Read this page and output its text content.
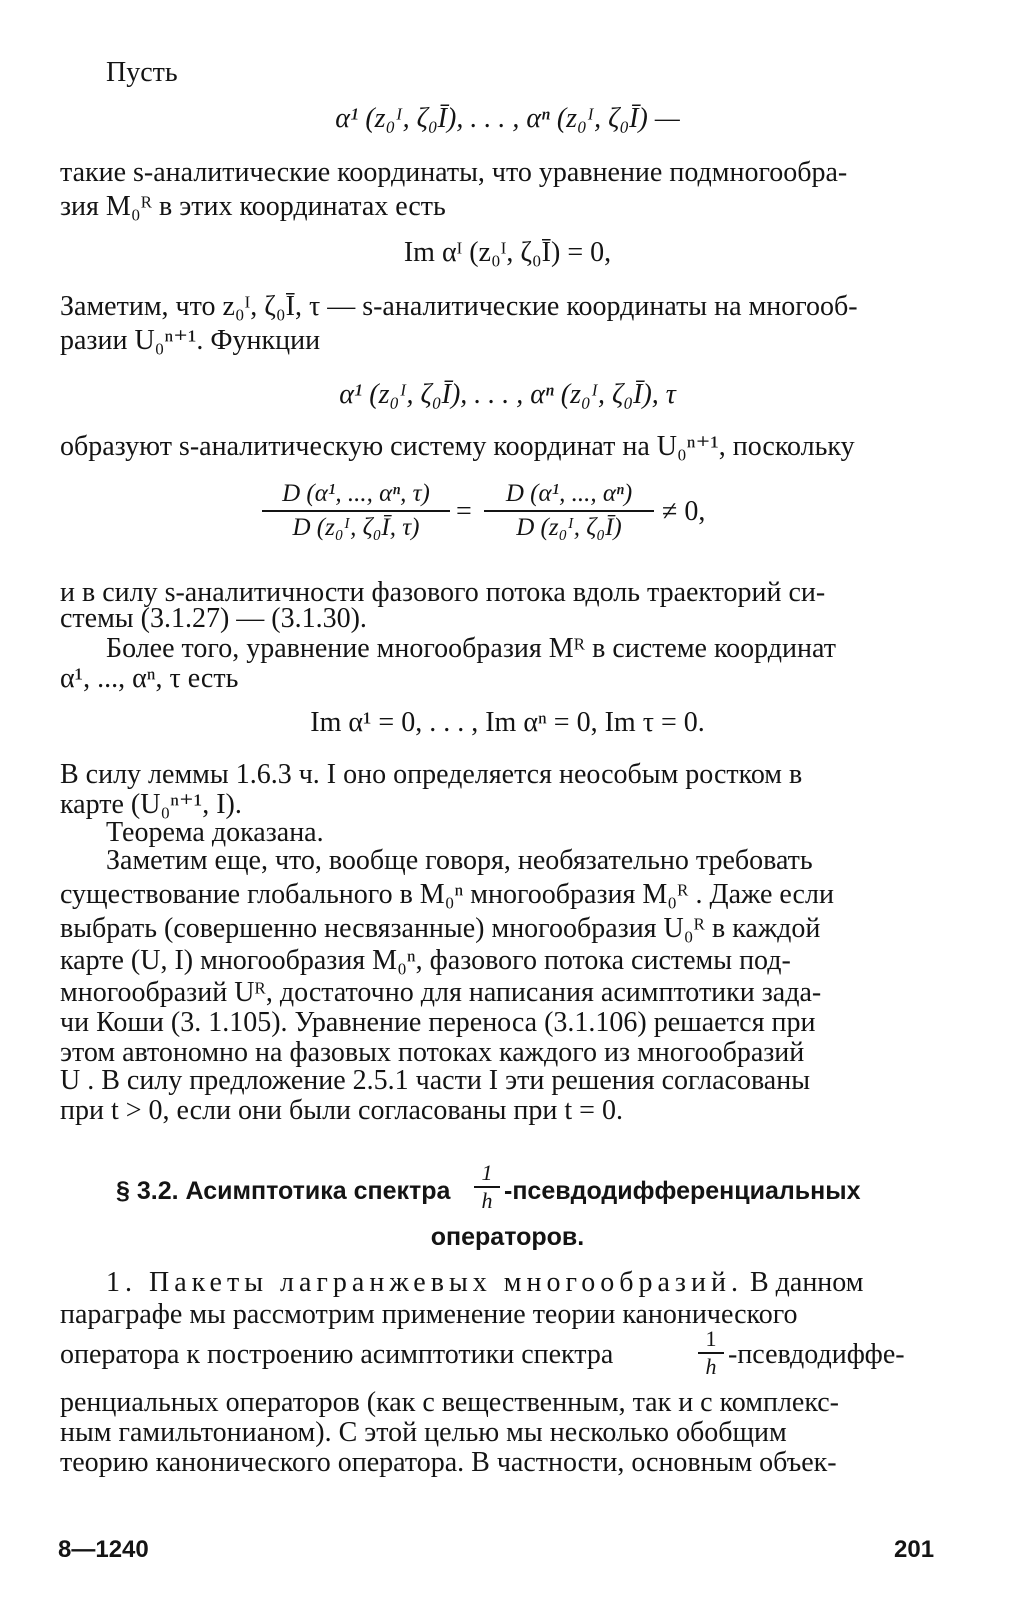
Пусть
α¹ (z₀ᴵ, ζ₀Ī), . . . , αⁿ (z₀ᴵ, ζ₀Ī) —
такие s-аналитические координаты, что уравнение подмногообра-
зия M₀ᴿ в этих координатах есть
Im αᴵ (z₀ᴵ, ζ₀Ī) = 0,
Заметим, что z₀ᴵ, ζ₀Ī, τ — s-аналитические координаты на многооб-
разии U₀ⁿ⁺¹. Функции
α¹ (z₀ᴵ, ζ₀Ī), . . . , αⁿ (z₀ᴵ, ζ₀Ī), τ
образуют s-аналитическую систему координат на U₀ⁿ⁺¹, поскольку
D (α¹, ..., αⁿ, τ)
D (z₀ᴵ, ζ₀Ī, τ)
=
D (α¹, ..., αⁿ)
D (z₀ᴵ, ζ₀Ī)
≠ 0,
и в силу s-аналитичности фазового потока вдоль траекторий си-
стемы (3.1.27) — (3.1.30).
Более того, уравнение многообразия Mᴿ в системе координат
α¹, ..., αⁿ, τ есть
Im α¹ = 0, . . . , Im αⁿ = 0, Im τ = 0.
В силу леммы 1.6.3 ч. I оно определяется неособым ростком в
карте (U₀ⁿ⁺¹, I).
Теорема доказана.
Заметим еще, что, вообще говоря, необязательно требовать
существование глобального в M₀ⁿ многообразия M₀ᴿ . Даже если
выбрать (совершенно несвязанные) многообразия U₀ᴿ в каждой
карте (U, I) многообразия M₀ⁿ, фазового потока системы под-
многообразий Uᴿ, достаточно для написания асимптотики зада-
чи Коши (3. 1.105). Уравнение переноса (3.1.106) решается при
этом автономно на фазовых потоках каждого из многообразий
U . В силу предложение 2.5.1 части I эти решения согласованы
при t > 0, если они были согласованы при t = 0.
§ 3.2. Асимптотика спектра
1
h -псевдодифференциальных
операторов.
1. Пакеты лагранжевых многообразий. В данном
параграфе мы рассмотрим применение теории канонического
оператора к построению асимптотики спектра
1
h -псевдодиффе-
ренциальных операторов (как с вещественным, так и с комплекс-
ным гамильтонианом). С этой целью мы несколько обобщим
теорию канонического оператора. В частности, основным объек-
8—1240	201
